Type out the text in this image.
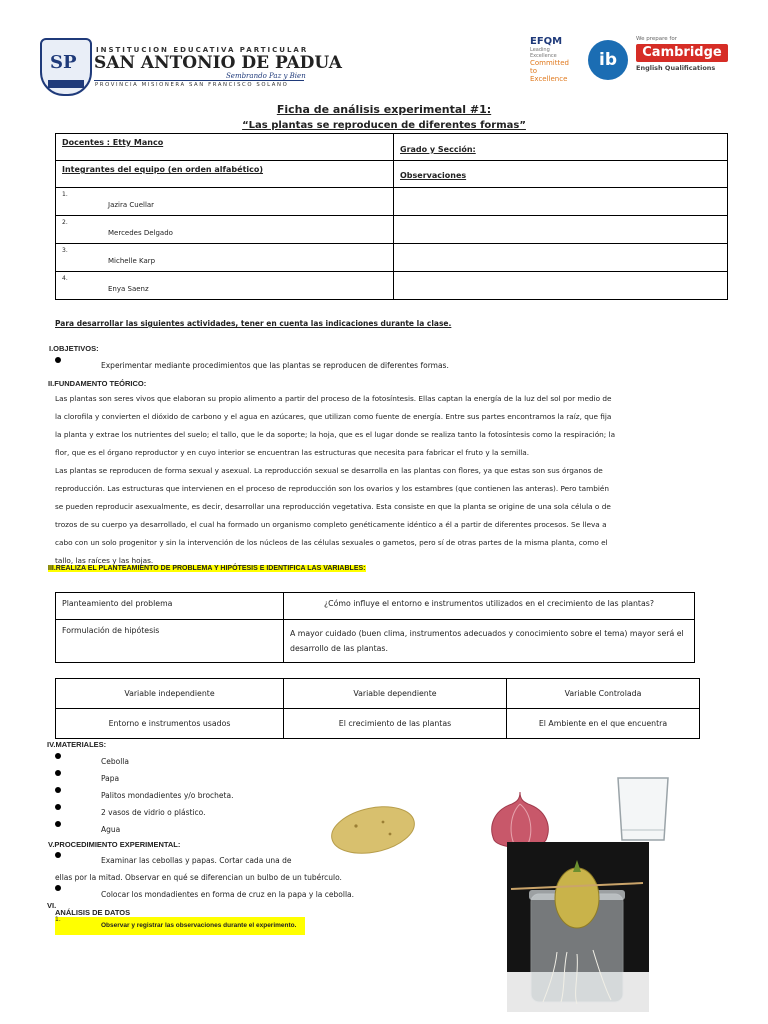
SP
INSTITUCION EDUCATIVA PARTICULAR
SAN ANTONIO DE PADUA
Sembrando Paz y Bien
PROVINCIA MISIONERA SAN FRANCISCO SOLANO
EFQM
Leading Excellence
Committed to
Excellence
ib
We prepare for
Cambridge
English Qualifications
Ficha de análisis experimental #1:
“Las plantas se reproducen de diferentes formas”
Docentes : Etty Manco	Grado y Sección:
Integrantes del equipo (en orden alfabético)	Observaciones
1.
Jazira Cuellar	

2.
Mercedes Delgado	

3.
Michelle Karp	

4.
Enya Saenz	

Para desarrollar las siguientes actividades, tener en cuenta las indicaciones durante la clase.
I.OBJETIVOS:
Experimentar mediante procedimientos que las plantas se reproducen de diferentes formas.
II.FUNDAMENTO TEÓRICO:
Las plantas son seres vivos que elaboran su propio alimento a partir del proceso de la fotosíntesis. Ellas captan la energía de la luz del sol por medio de
la clorofila y convierten el dióxido de carbono y el agua en azúcares, que utilizan como fuente de energía. Entre sus partes encontramos la raíz, que fija
la planta y extrae los nutrientes del suelo; el tallo, que le da soporte; la hoja, que es el lugar donde se realiza tanto la fotosíntesis como la respiración; la
flor, que es el órgano reproductor y en cuyo interior se encuentran las estructuras que necesita para fabricar el fruto y la semilla.
Las plantas se reproducen de forma sexual y asexual. La reproducción sexual se desarrolla en las plantas con flores, ya que estas son sus órganos de
reproducción. Las estructuras que intervienen en el proceso de reproducción son los ovarios y los estambres (que contienen las anteras). Pero también
se pueden reproducir asexualmente, es decir, desarrollar una reproducción vegetativa. Esta consiste en que la planta se origine de una sola célula o de
trozos de su cuerpo ya desarrollado, el cual ha formado un organismo completo genéticamente idéntico a él a partir de diferentes procesos. Se lleva a
cabo con un solo progenitor y sin la intervención de los núcleos de las células sexuales o gametos, pero sí de otras partes de la misma planta, como el
tallo, las raíces y las hojas.
III.REALIZA EL PLANTEAMIENTO DE PROBLEMA Y HIPÓTESIS E IDENTIFICA LAS VARIABLES:
Planteamiento del problema	¿Cómo influye el entorno e instrumentos utilizados en el crecimiento de las plantas?
Formulación de hipótesis	A mayor cuidado (buen clima, instrumentos adecuados y conocimiento sobre el tema) mayor será el desarrollo de las plantas.
Variable independiente	Variable dependiente	Variable Controlada
Entorno e instrumentos usados	El crecimiento de las plantas	El Ambiente en el que encuentra
IV.MATERIALES:
Cebolla
Papa
Palitos mondadientes y/o brocheta.
2 vasos de vidrio o plástico.
Agua
V.PROCEDIMIENTO EXPERIMENTAL:
Examinar las cebollas y papas. Cortar cada una de
ellas por la mitad. Observar en qué se diferencian un bulbo de un tubérculo.
Colocar los mondadientes en forma de cruz en la papa y la cebolla.
VI.
ANÁLISIS DE DATOS
1.
Observar y registrar las observaciones durante el experimento.
